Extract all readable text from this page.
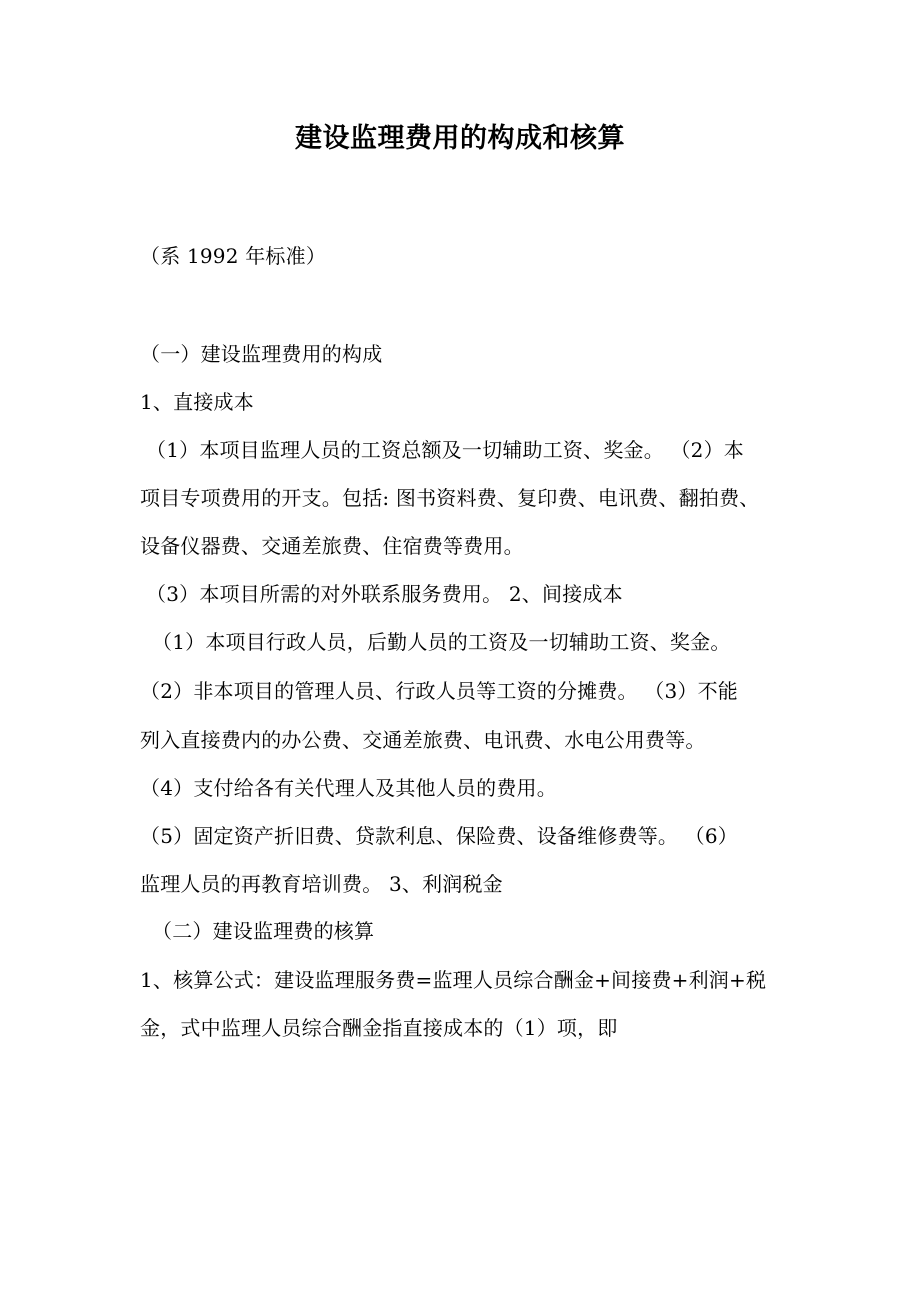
建设监理费用的构成和核算
（系 1992 年标准）
（一）建设监理费用的构成
1、直接成本
（1）本项目监理人员的工资总额及一切辅助工资、奖金。 （2）本
项目专项费用的开支。包括: 图书资料费、复印费、电讯费、翻拍费、
设备仪器费、交通差旅费、住宿费等费用。
（3）本项目所需的对外联系服务费用。 2、间接成本
（1）本项目行政人员，后勤人员的工资及一切辅助工资、奖金。
（2）非本项目的管理人员、行政人员等工资的分摊费。 （3）不能
列入直接费内的办公费、交通差旅费、电讯费、水电公用费等。
（4）支付给各有关代理人及其他人员的费用。
（5）固定资产折旧费、贷款利息、保险费、设备维修费等。 （6）
监理人员的再教育培训费。 3、利润税金
（二）建设监理费的核算
1、核算公式：建设监理服务费=监理人员综合酬金+间接费+利润+税
金，式中监理人员综合酬金指直接成本的（1）项，即
